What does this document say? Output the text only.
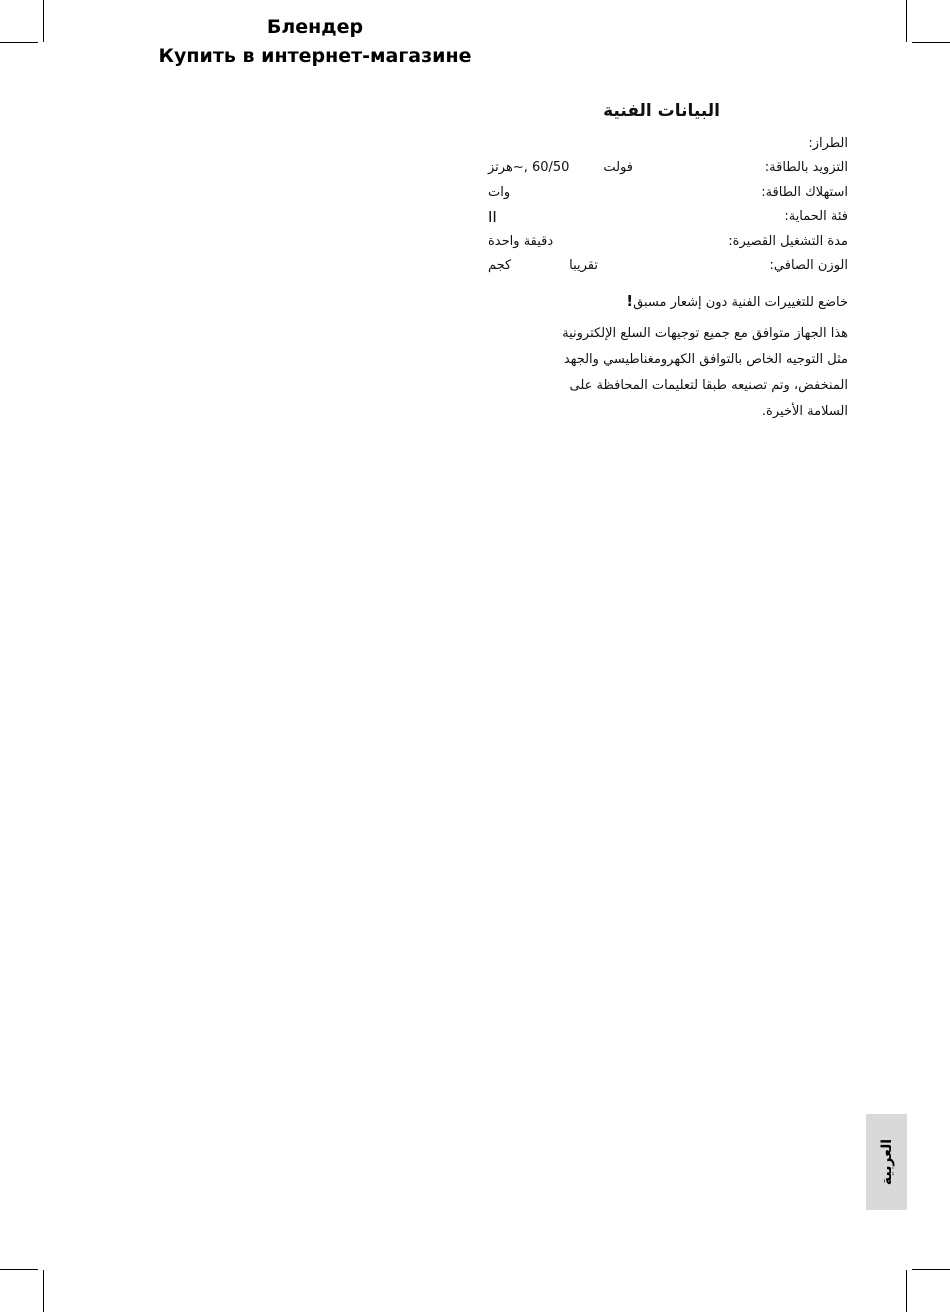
Блендер
Купить в интернет-магазине
البيانات الفنية
الطراز:
التزويد بالطاقة:
فولت
60/50 ,~هرتز
استهلاك الطاقة:
وات
فئة الحماية:
II
مدة التشغيل القصيرة:
دقيقة واحدة
الوزن الصافي:
تقريبا
كجم
خاضع للتغييرات الفنية دون إشعار مسبق!
هذا الجهاز متوافق مع جميع توجيهات السلع الإلكترونية
مثل التوجيه الخاص بالتوافق الكهرومغناطيسي والجهد
المنخفض، وتم تصنيعه طبقا لتعليمات المحافظة على
السلامة الأخيرة.
العربية
